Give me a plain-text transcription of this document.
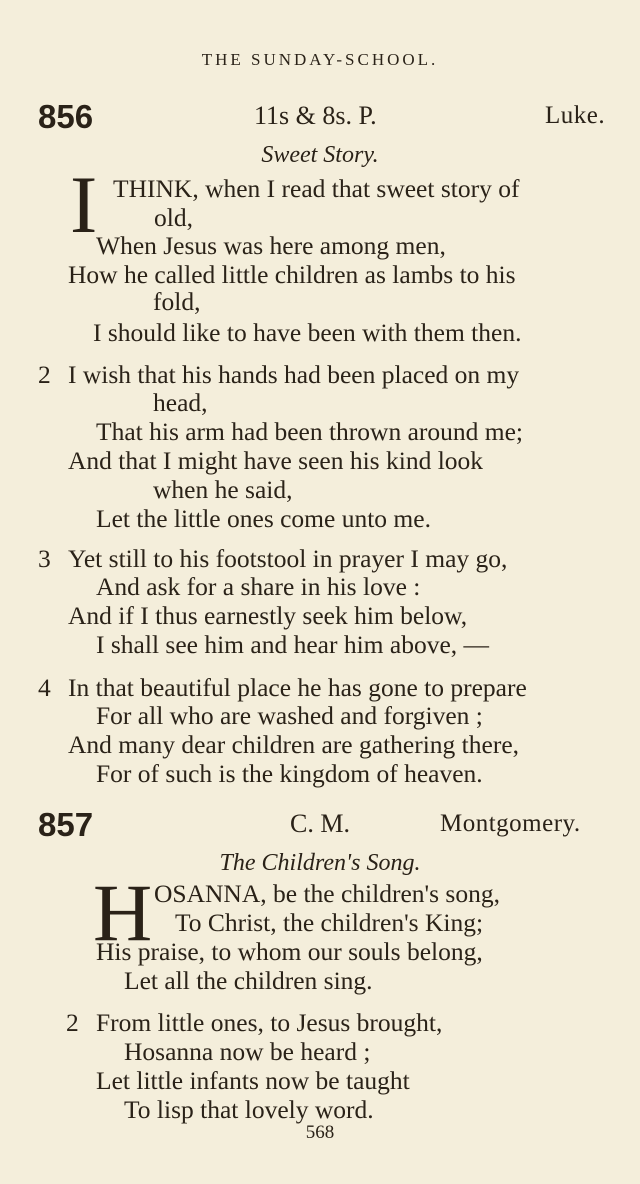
THE SUNDAY-SCHOOL.
856	11s & 8s. P.	Luke.
Sweet Story.
I THINK, when I read that sweet story of
old,
When Jesus was here among men,
How he called little children as lambs to his
fold,
I should like to have been with them then.
2 I wish that his hands had been placed on my
head,
That his arm had been thrown around me;
And that I might have seen his kind look
when he said,
Let the little ones come unto me.
3 Yet still to his footstool in prayer I may go,
And ask for a share in his love :
And if I thus earnestly seek him below,
I shall see him and hear him above, —
4 In that beautiful place he has gone to prepare
For all who are washed and forgiven ;
And many dear children are gathering there,
For of such is the kingdom of heaven.
857	C. M.	Montgomery.
The Children's Song.
H OSANNA, be the children's song,
To Christ, the children's King;
His praise, to whom our souls belong,
Let all the children sing.
2 From little ones, to Jesus brought,
Hosanna now be heard ;
Let little infants now be taught
To lisp that lovely word.
568
